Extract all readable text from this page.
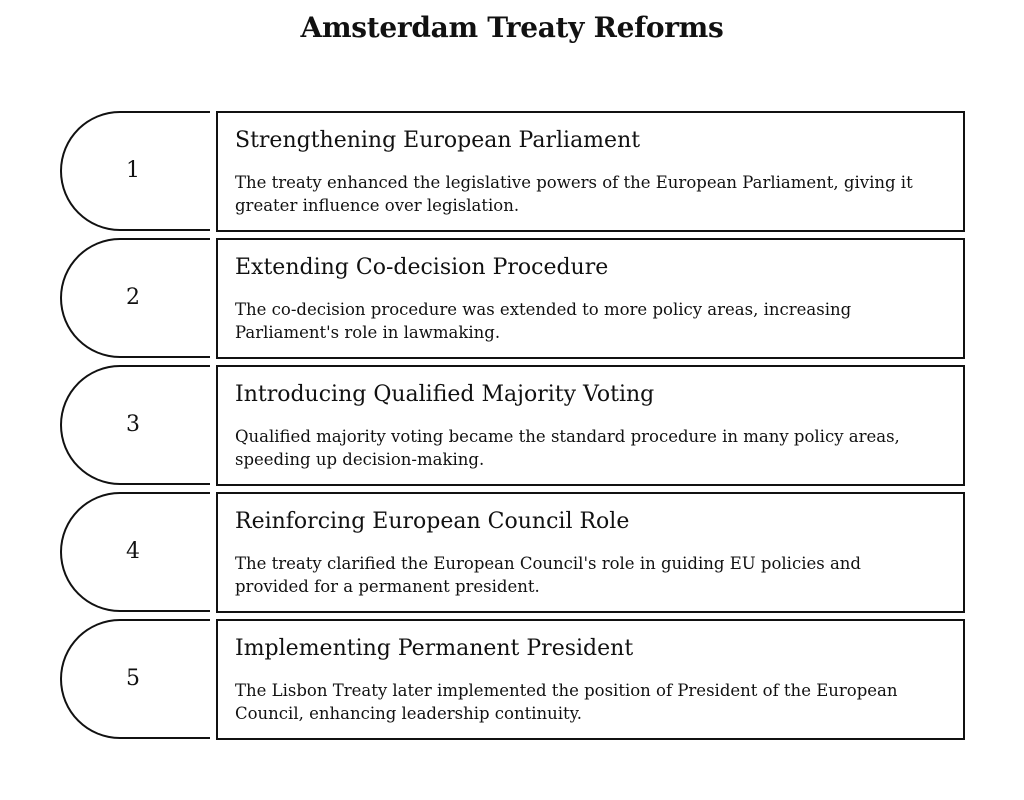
Amsterdam Treaty Reforms
1
Strengthening European Parliament
The treaty enhanced the legislative powers of the European Parliament, giving it greater influence over legislation.
2
Extending Co-decision Procedure
The co-decision procedure was extended to more policy areas, increasing Parliament's role in lawmaking.
3
Introducing Qualified Majority Voting
Qualified majority voting became the standard procedure in many policy areas, speeding up decision-making.
4
Reinforcing European Council Role
The treaty clarified the European Council's role in guiding EU policies and provided for a permanent president.
5
Implementing Permanent President
The Lisbon Treaty later implemented the position of President of the European Council, enhancing leadership continuity.
